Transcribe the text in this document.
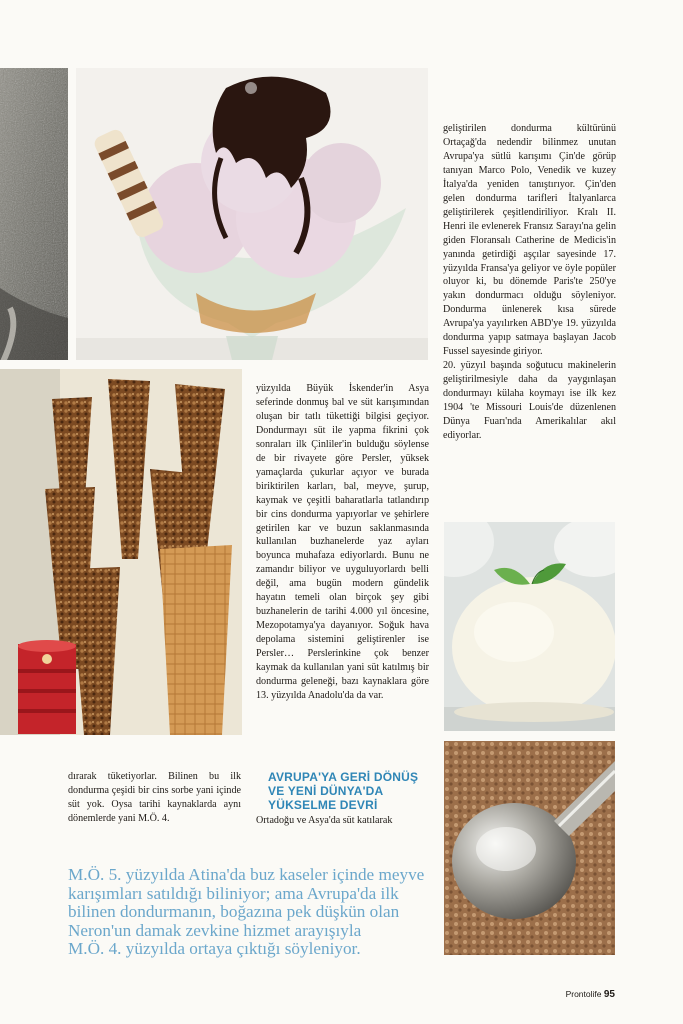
dırarak tüketiyorlar. Bilinen bu ilk dondurma çeşidi bir cins sorbe yani içinde süt yok. Oysa tarihi kaynaklarda aynı dönemlerde yani M.Ö. 4.

yüzyılda Büyük İskender'in Asya seferinde donmuş bal ve süt karışımından oluşan bir tatlı tükettiği bilgisi geçiyor. Dondurmayı süt ile yapma fikrini çok sonraları ilk Çinliler'in bulduğu söylense de bir rivayete göre Persler, yüksek yamaçlarda çukurlar açıyor ve burada biriktirilen karları, bal, meyve, şurup, kaymak ve çeşitli baharatlarla tatlandırıp bir cins dondurma yapıyorlar ve şehirlere getirilen kar ve buzun saklanmasında kullanılan buzhanelerde yaz ayları boyunca muhafaza ediyorlardı. Bunu ne zamandır biliyor ve uyguluyorlardı belli değil, ama bugün modern gündelik hayatın temeli olan birçok şey gibi buzhanelerin de tarihi 4.000 yıl öncesine, Mezopotamya'ya dayanıyor. Soğuk hava depolama sistemini geliştirenler ise Persler… Perslerinkine çok benzer kaymak da kullanılan yani süt katılmış bir dondurma geleneği, bazı kaynaklara göre 13. yüzyılda Anadolu'da da var.

AVRUPA'YA GERİ DÖNÜŞ
VE YENİ DÜNYA'DA
YÜKSELME DEVRİ

Ortadoğu ve Asya'da süt katılarak

geliştirilen dondurma kültürünü Ortaçağ'da nedendir bilinmez unutan Avrupa'ya sütlü karışımı Çin'de görüp tanıyan Marco Polo, Venedik ve kuzey İtalya'da yeniden tanıştırıyor. Çin'den gelen dondurma tarifleri İtalyanlarca geliştirilerek çeşitlendiriliyor. Kralı II. Henri ile evlenerek Fransız Sarayı'na gelin giden Floransalı Catherine de Medicis'in yanında getirdiği aşçılar sayesinde 17. yüzyılda Fransa'ya geliyor ve öyle popüler oluyor ki, bu dönemde Paris'te 250'ye yakın dondurmacı olduğu söyleniyor. Dondurma ünlenerek kısa sürede Avrupa'ya yayılırken ABD'ye 19. yüzyılda dondurma yapıp satmaya başlayan Jacob Fussel sayesinde giriyor.

20. yüzyıl başında soğutucu makinelerin geliştirilmesiyle daha da yaygınlaşan dondurmayı külaha koymayı ise ilk kez 1904 'te Missouri Louis'de düzenlenen Dünya Fuarı'nda Amerikalılar akıl ediyorlar.

M.Ö. 5. yüzyılda Atina'da buz kaseler içinde meyve
karışımları satıldığı biliniyor; ama Avrupa'da ilk
bilinen dondurmanın, boğazına pek düşkün olan
Neron'un damak zevkine hizmet arayışıyla
M.Ö. 4. yüzyılda ortaya çıktığı söyleniyor.
Prontolife 95
